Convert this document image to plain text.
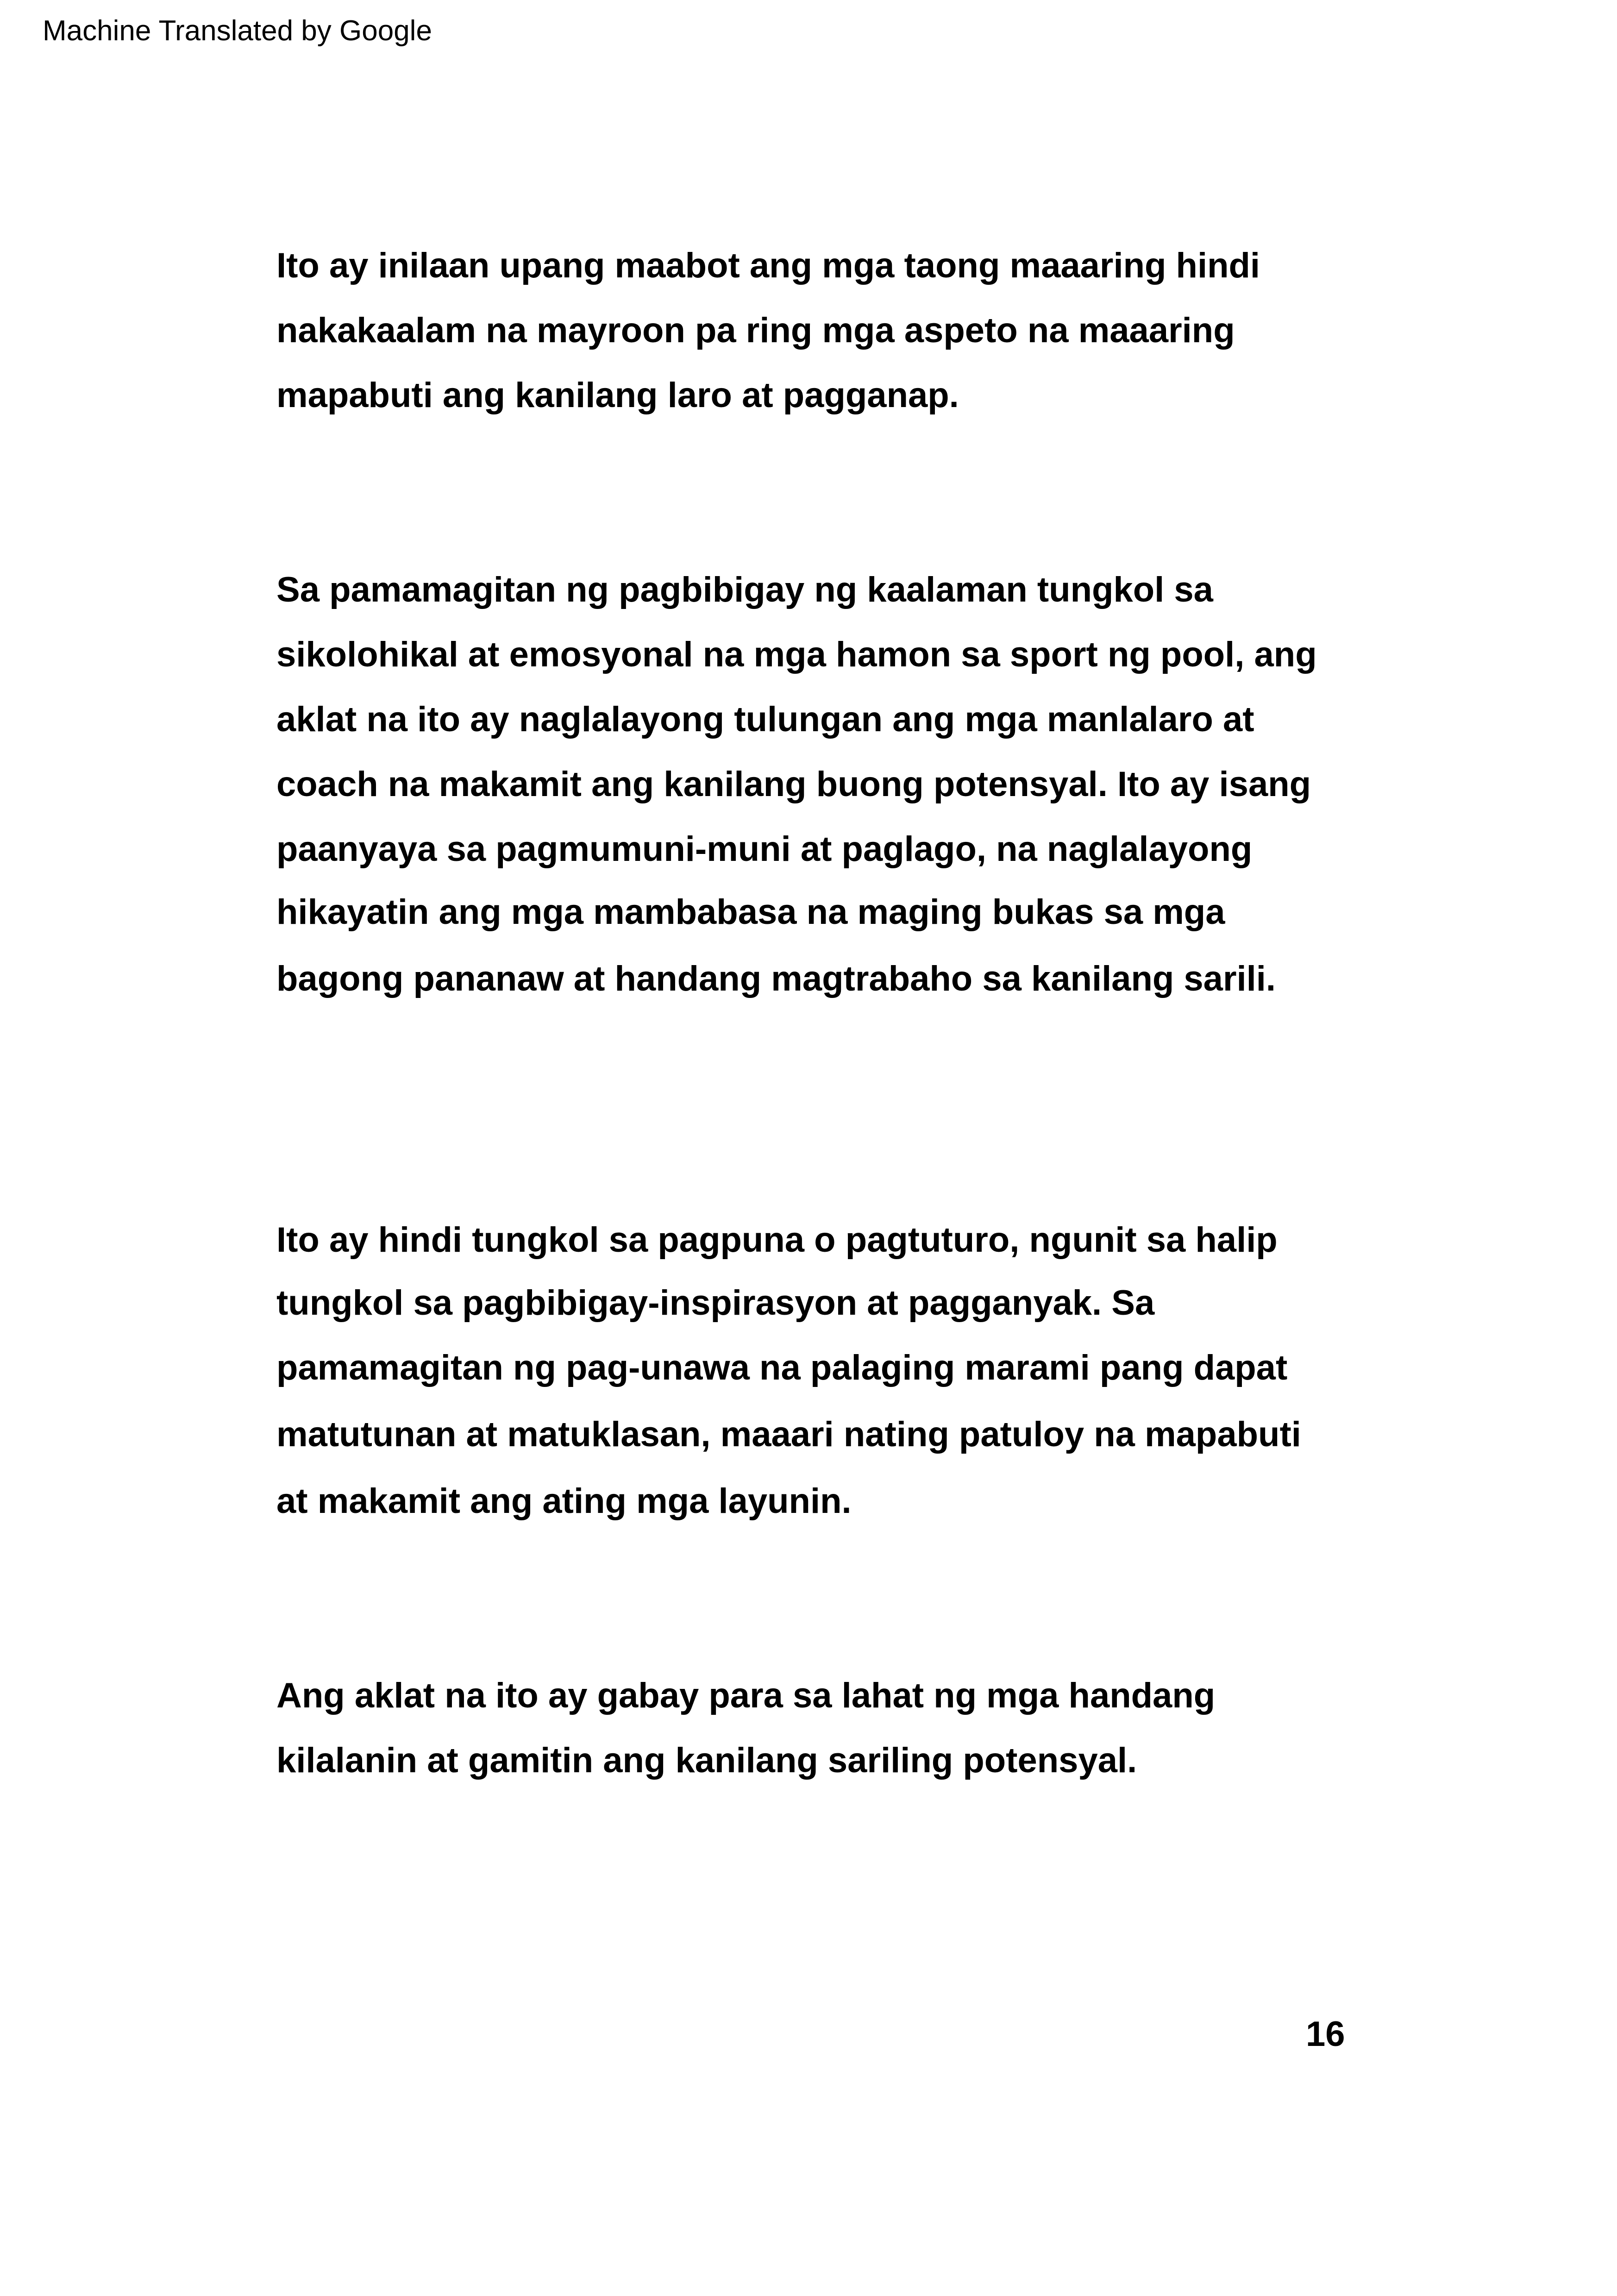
Machine Translated by Google
Ito ay inilaan upang maabot ang mga taong maaaring hindi
nakakaalam na mayroon pa ring mga aspeto na maaaring
mapabuti ang kanilang laro at pagganap.
Sa pamamagitan ng pagbibigay ng kaalaman tungkol sa
sikolohikal at emosyonal na mga hamon sa sport ng pool, ang
aklat na ito ay naglalayong tulungan ang mga manlalaro at
coach na makamit ang kanilang buong potensyal. Ito ay isang
paanyaya sa pagmumuni-muni at paglago, na naglalayong
hikayatin ang mga mambabasa na maging bukas sa mga
bagong pananaw at handang magtrabaho sa kanilang sarili.
Ito ay hindi tungkol sa pagpuna o pagtuturo, ngunit sa halip
tungkol sa pagbibigay-inspirasyon at pagganyak. Sa
pamamagitan ng pag-unawa na palaging marami pang dapat
matutunan at matuklasan, maaari nating patuloy na mapabuti
at makamit ang ating mga layunin.
Ang aklat na ito ay gabay para sa lahat ng mga handang
kilalanin at gamitin ang kanilang sariling potensyal.
16
